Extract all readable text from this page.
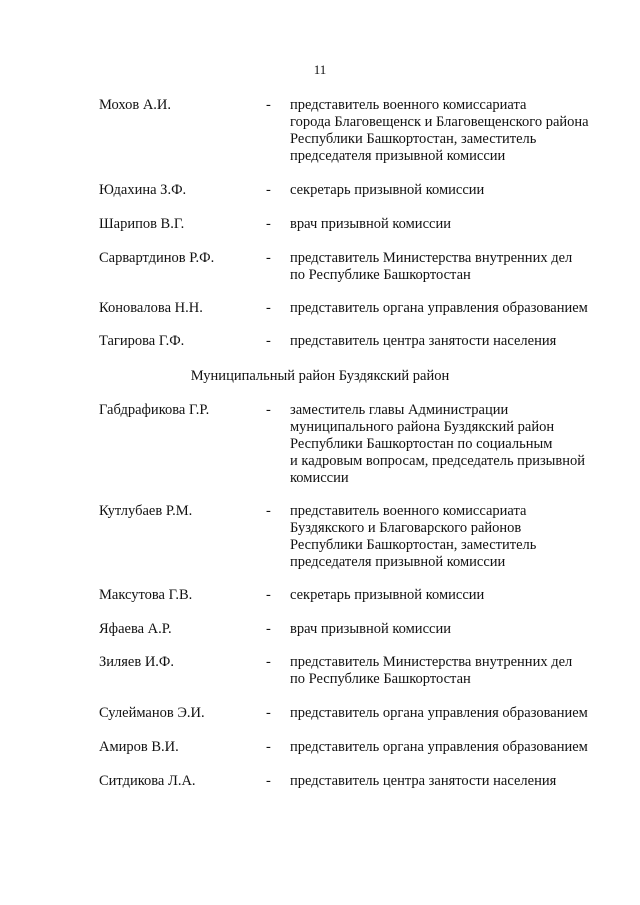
11
Мохов А.И.	- представитель военного комиссариата
города Благовещенск и Благовещенского района
Республики Башкортостан, заместитель
председателя призывной комиссии
Юдахина З.Ф.	- секретарь призывной комиссии
Шарипов В.Г.	- врач призывной комиссии
Сарвартдинов Р.Ф.	- представитель Министерства внутренних дел
по Республике Башкортостан
Коновалова Н.Н.	- представитель органа управления образованием
Тагирова Г.Ф.	- представитель центра занятости населения
Муниципальный район Буздякский район
Габдрафикова Г.Р.	- заместитель главы Администрации
муниципального района Буздякский район
Республики Башкортостан по социальным
и кадровым вопросам, председатель призывной
комиссии
Кутлубаев Р.М.	- представитель военного комиссариата
Буздякского и Благоварского районов
Республики Башкортостан, заместитель
председателя призывной комиссии
Максутова Г.В.	- секретарь призывной комиссии
Яфаева А.Р.	- врач призывной комиссии
Зиляев И.Ф.	- представитель Министерства внутренних дел
по Республике Башкортостан
Сулейманов Э.И.	- представитель органа управления образованием
Амиров В.И.	- представитель органа управления образованием
Ситдикова Л.А.	- представитель центра занятости населения
